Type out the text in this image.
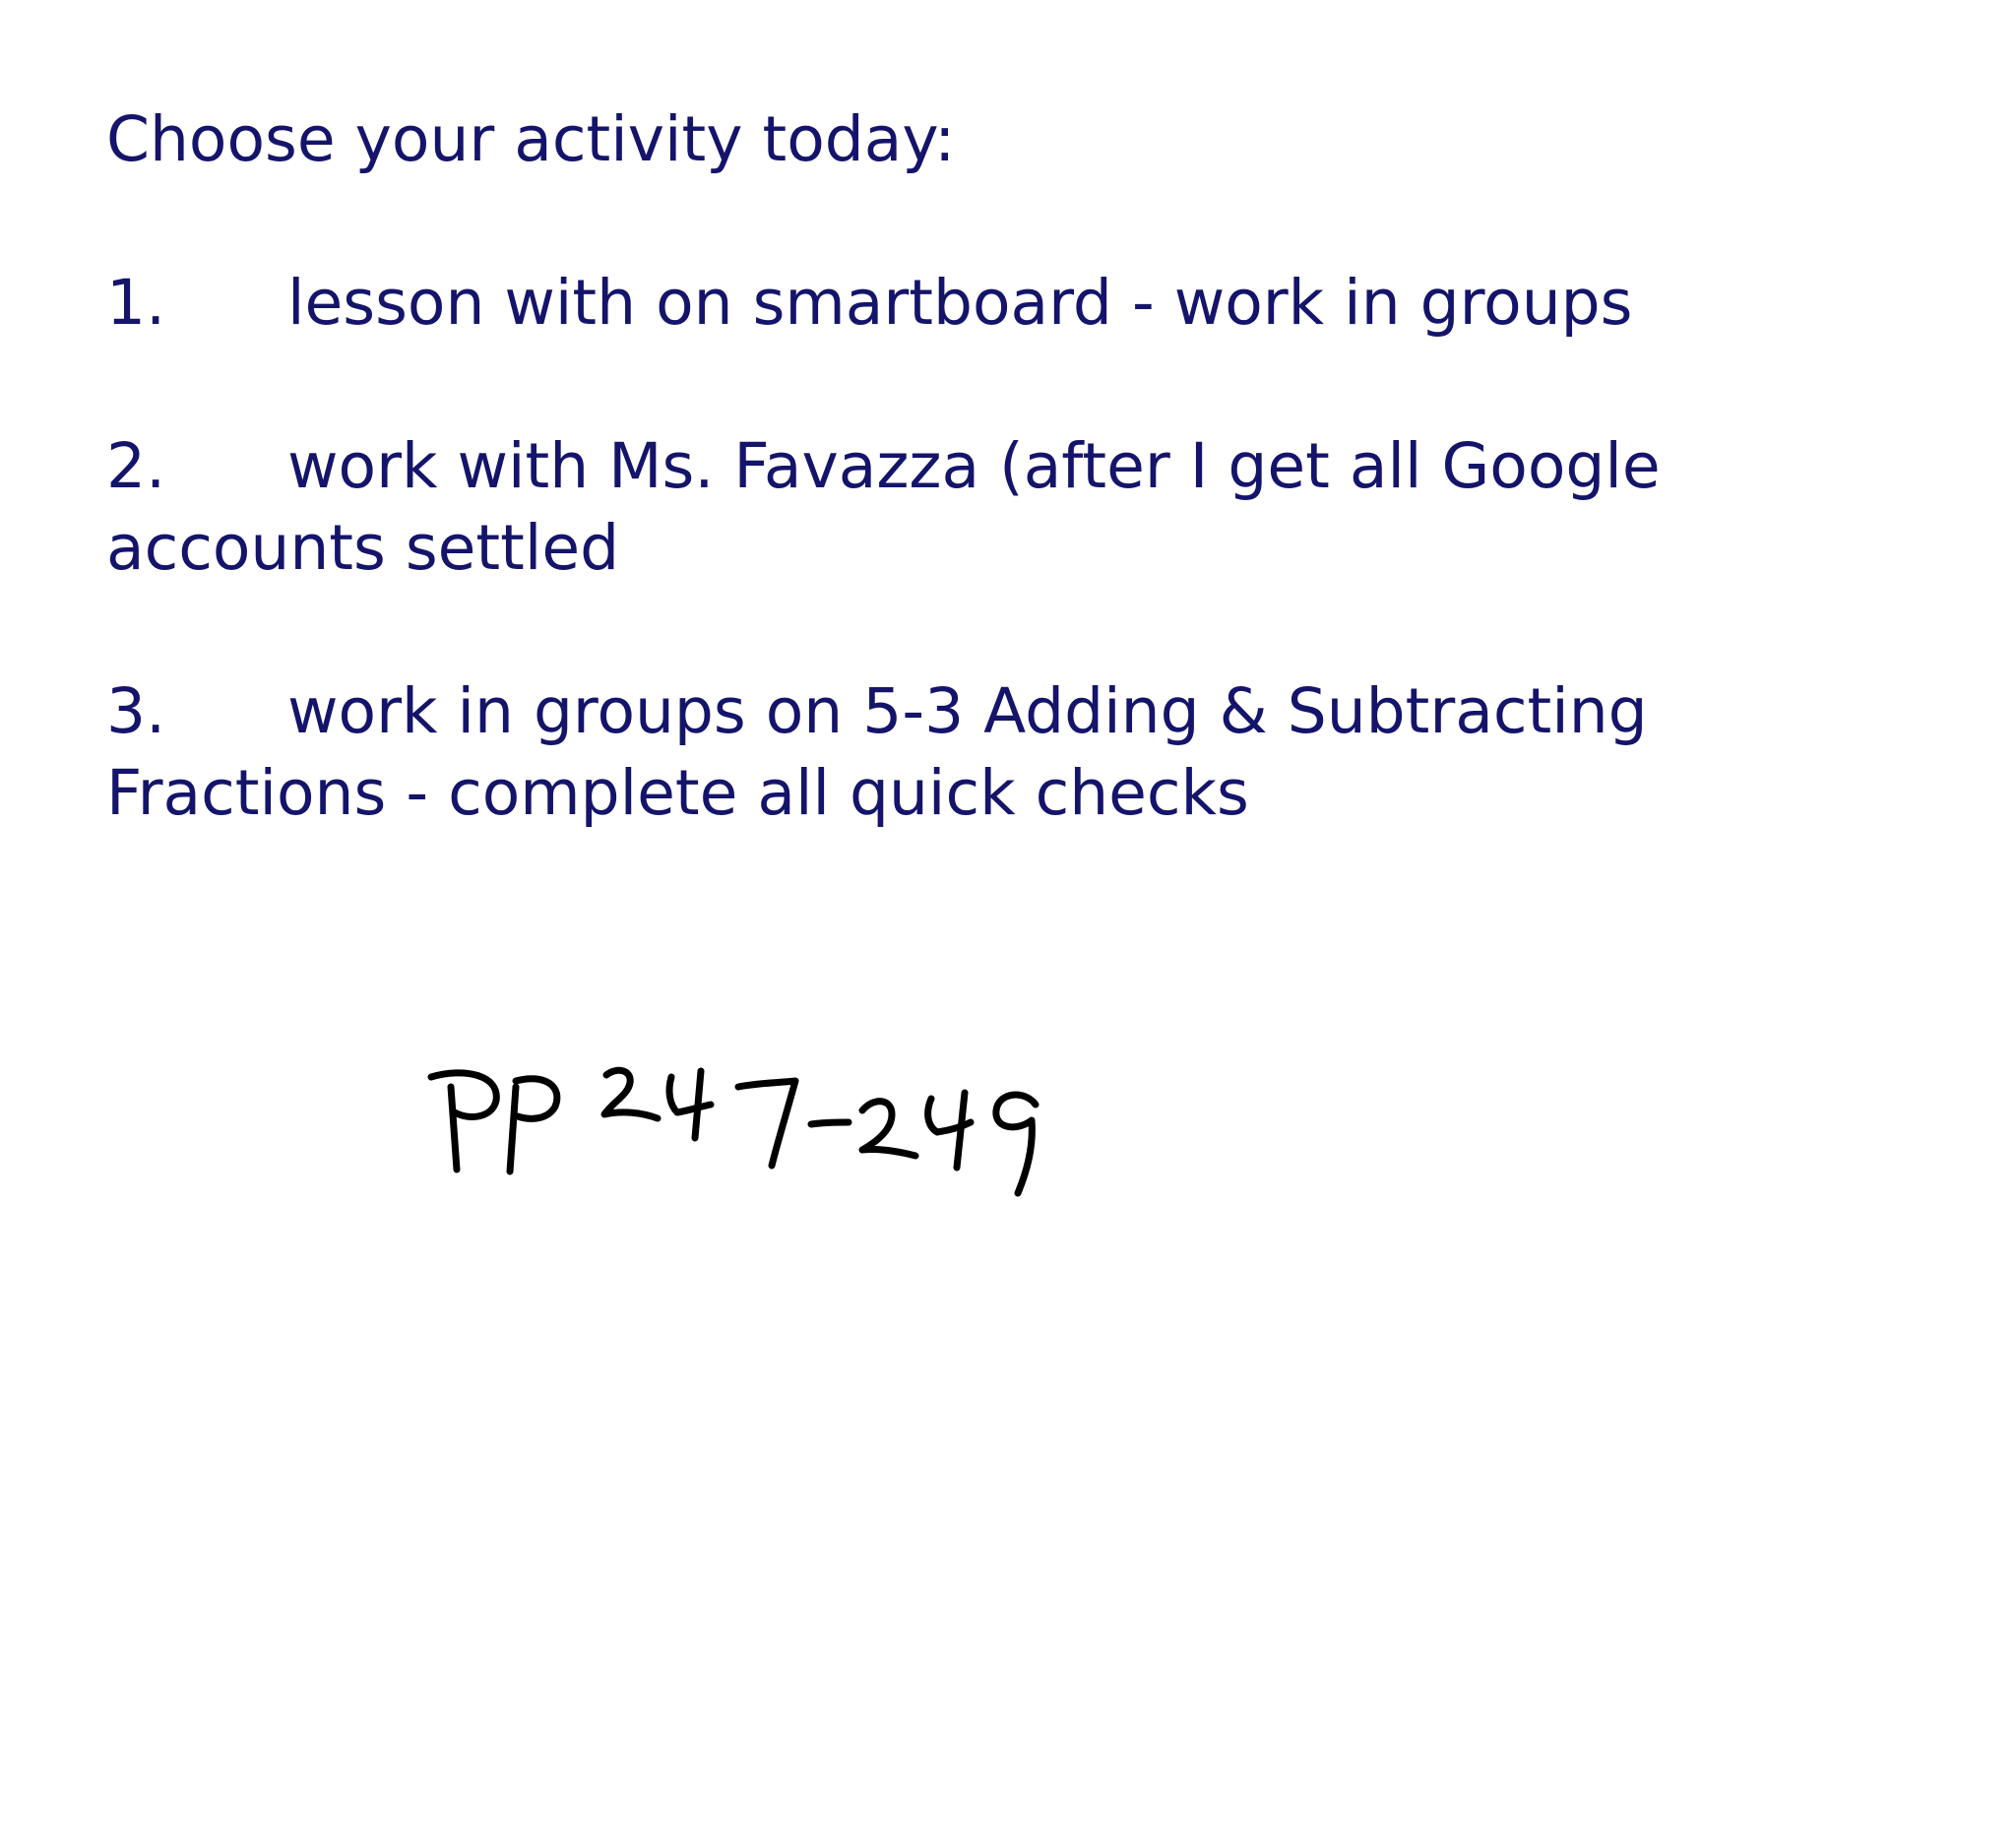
Choose your activity today:
1. lesson with on smartboard - work in groups
2. work with Ms. Favazza (after I get all Google
accounts settled
3. work in groups on 5-3 Adding & Subtracting
Fractions - complete all quick checks
